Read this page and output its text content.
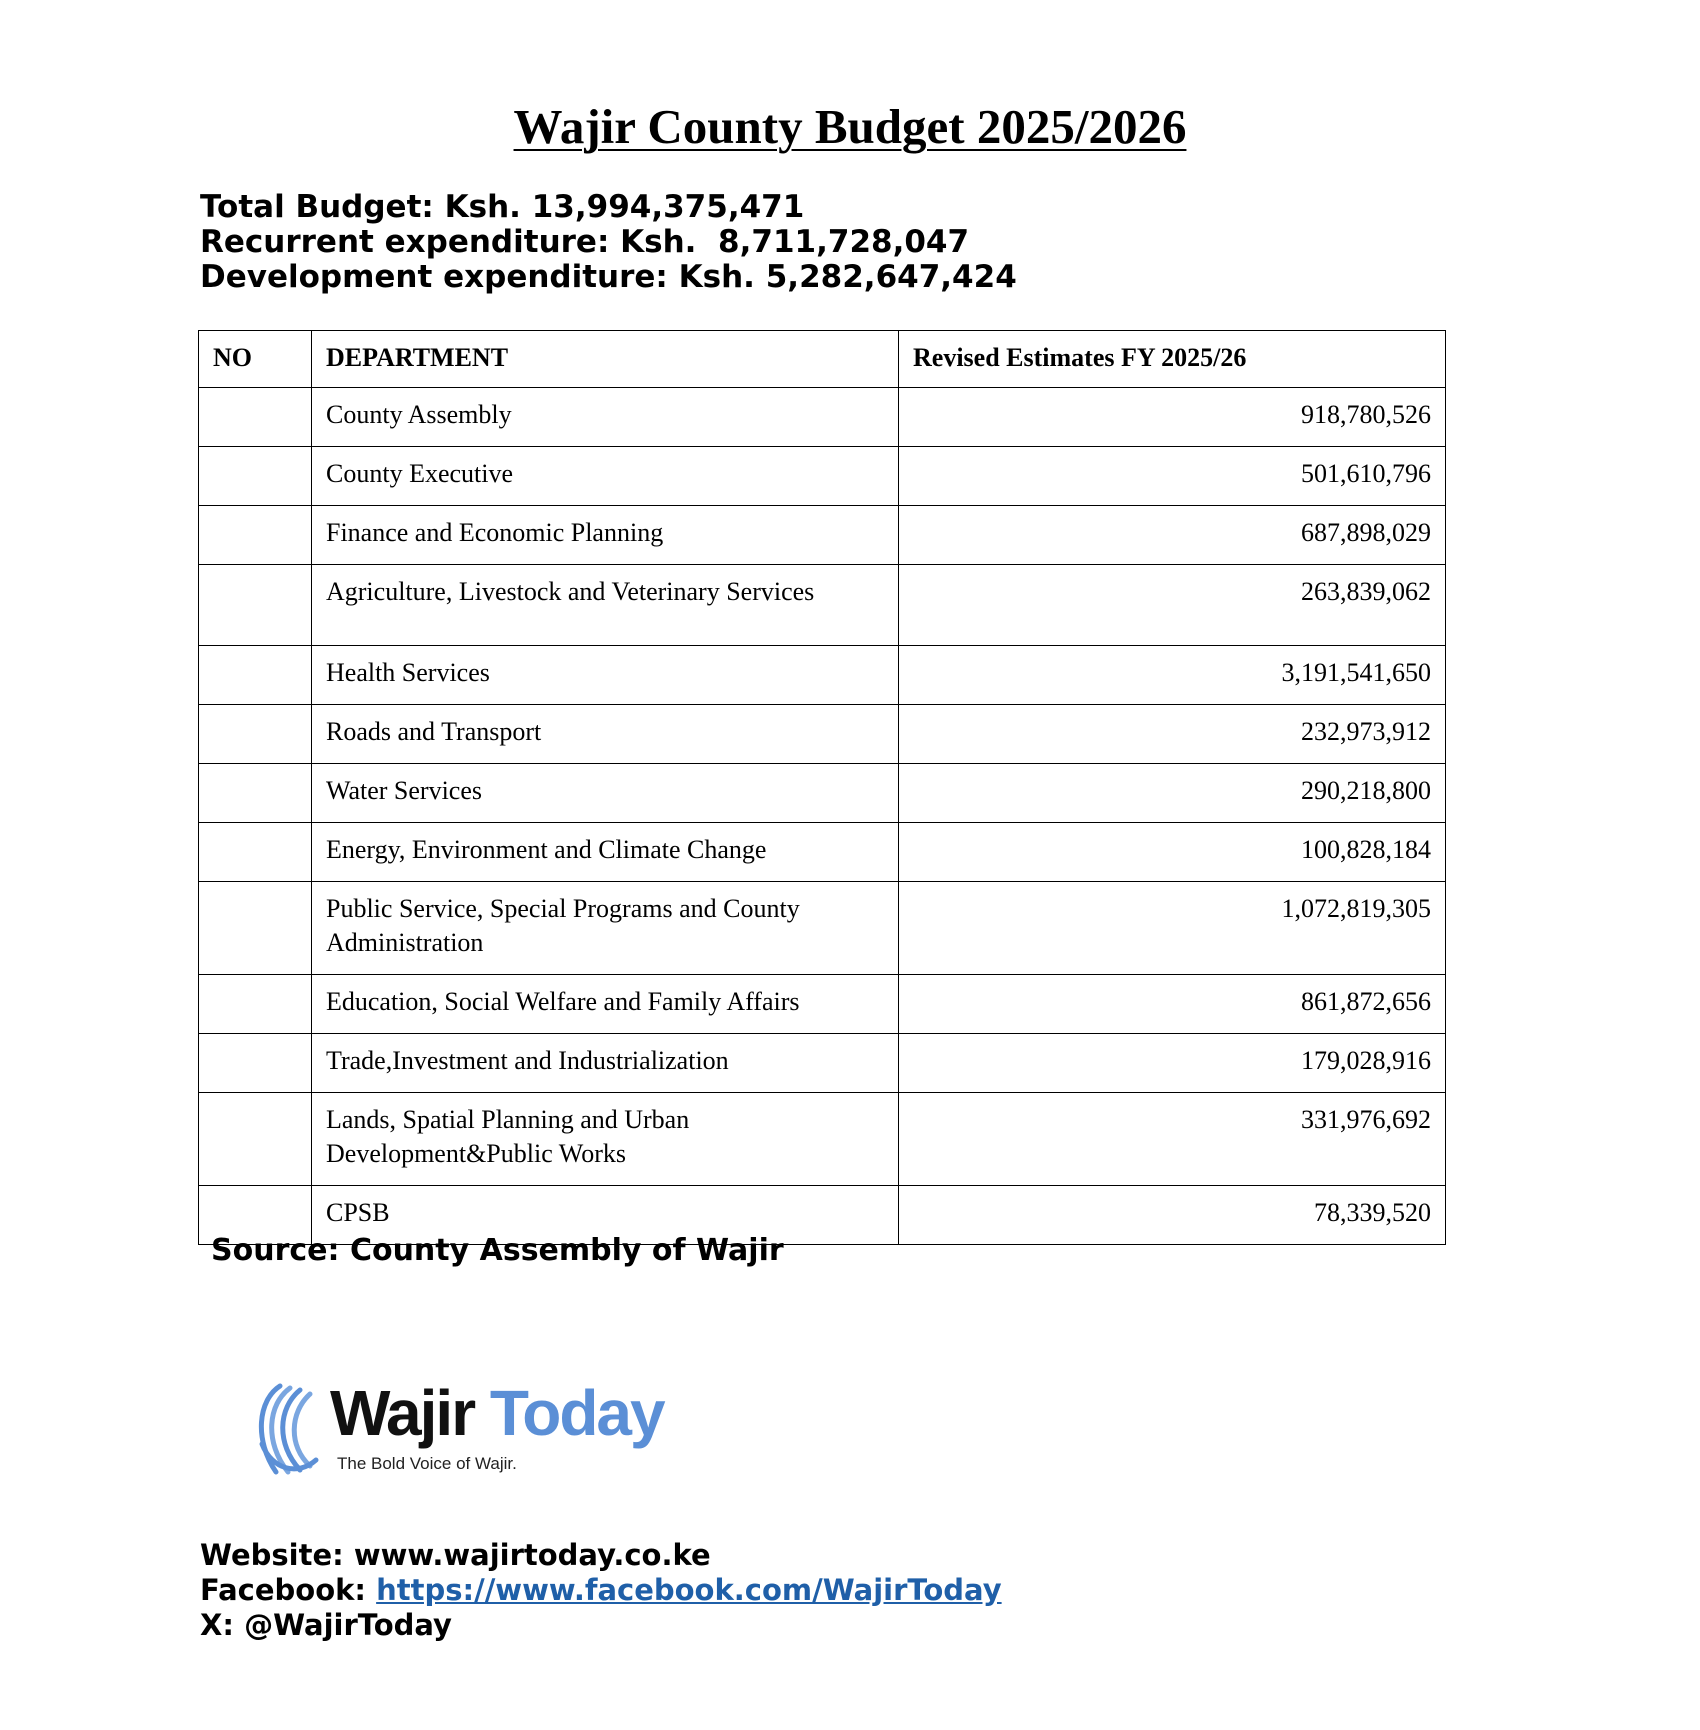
Wajir County Budget 2025/2026
Total Budget: Ksh. 13,994,375,471
Recurrent expenditure: Ksh.  8,711,728,047
Development expenditure: Ksh. 5,282,647,424
NO	DEPARTMENT	Revised Estimates FY 2025/26
	County Assembly	918,780,526
	County Executive	501,610,796
	Finance and Economic Planning	687,898,029
	Agriculture, Livestock and Veterinary Services	263,839,062
	Health Services	3,191,541,650
	Roads and Transport	232,973,912
	Water Services	290,218,800
	Energy, Environment and Climate Change	100,828,184
	Public Service, Special Programs and County Administration	1,072,819,305
	Education, Social Welfare and Family Affairs	861,872,656
	Trade,Investment and Industrialization	179,028,916
	Lands, Spatial Planning and Urban Development&Public Works	331,976,692
	CPSB	78,339,520
Source: County Assembly of Wajir
Wajir Today
The Bold Voice of Wajir.
Website: www.wajirtoday.co.ke
Facebook: https://www.facebook.com/WajirToday
X: @WajirToday
